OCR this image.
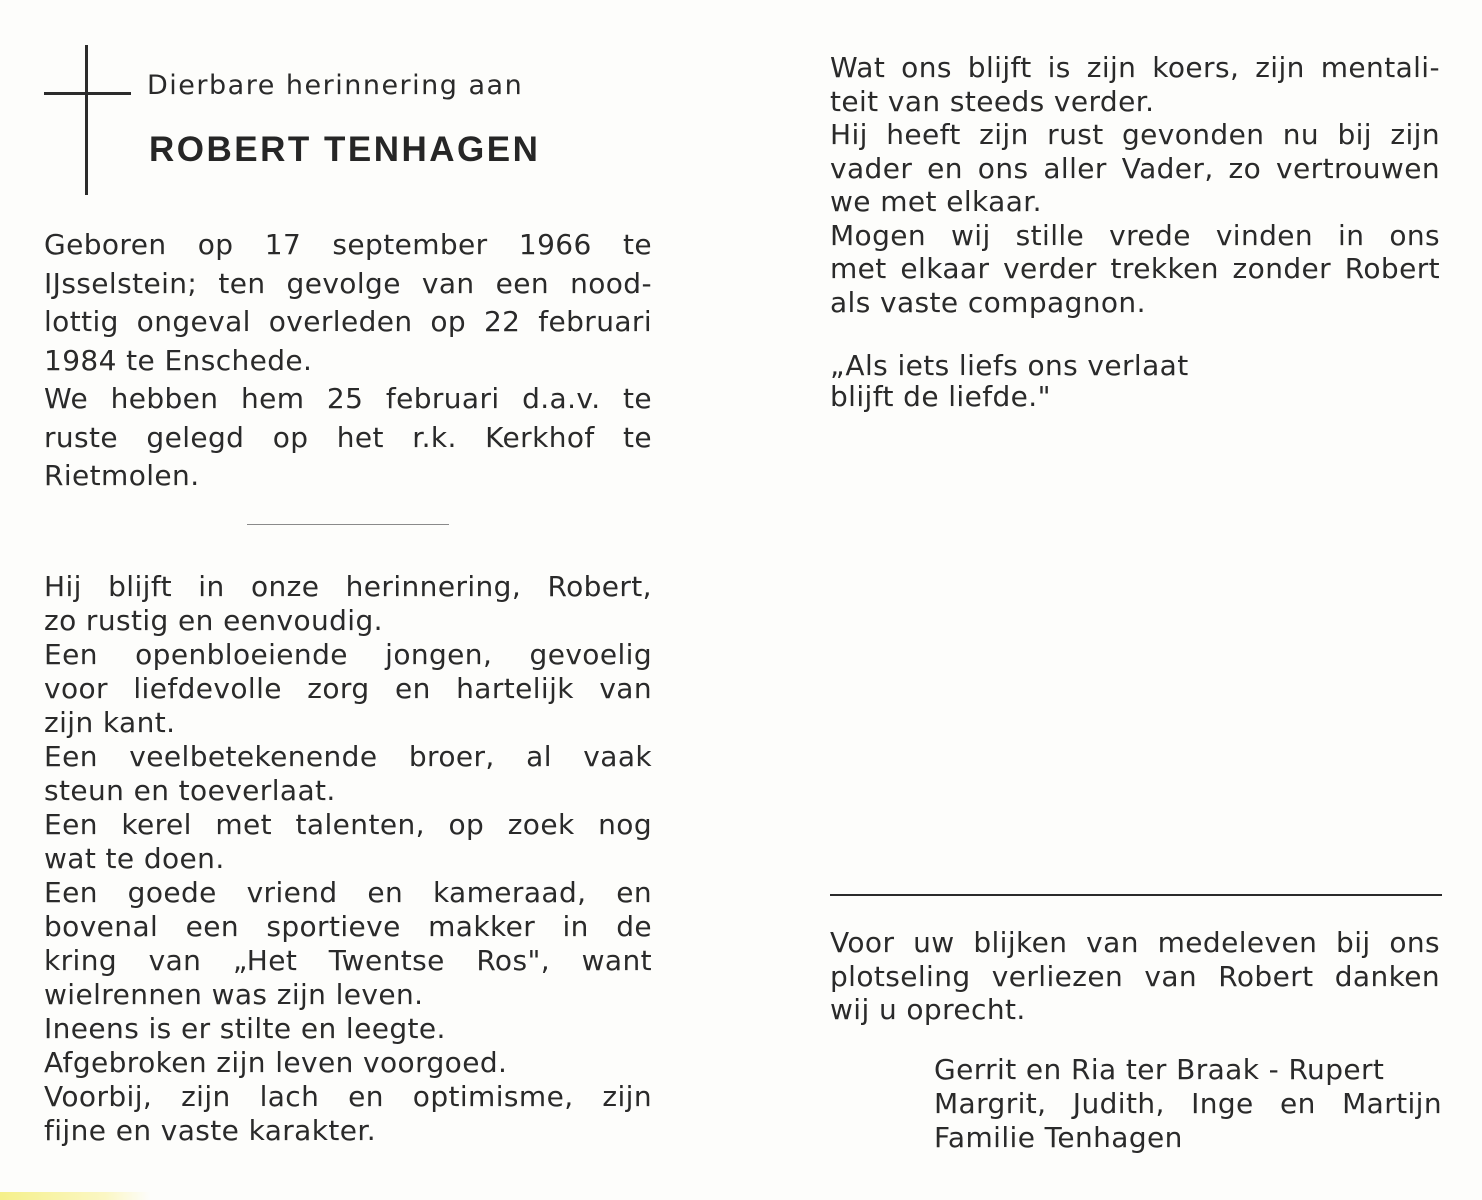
Dierbare herinnering aan
ROBERT TENHAGEN
Geboren op 17 september 1966 te
IJsselstein; ten gevolge van een nood-
lottig ongeval overleden op 22 februari
1984 te Enschede.
We hebben hem 25 februari d.a.v. te
ruste gelegd op het r.k. Kerkhof te
Rietmolen.
Hij blijft in onze herinnering, Robert,
zo rustig en eenvoudig.
Een openbloeiende jongen, gevoelig
voor liefdevolle zorg en hartelijk van
zijn kant.
Een veelbetekenende broer, al vaak
steun en toeverlaat.
Een kerel met talenten, op zoek nog
wat te doen.
Een goede vriend en kameraad, en
bovenal een sportieve makker in de
kring van „Het Twentse Ros", want
wielrennen was zijn leven.
Ineens is er stilte en leegte.
Afgebroken zijn leven voorgoed.
Voorbij, zijn lach en optimisme, zijn
fijne en vaste karakter.
Wat ons blijft is zijn koers, zijn mentali-
teit van steeds verder.
Hij heeft zijn rust gevonden nu bij zijn
vader en ons aller Vader, zo vertrouwen
we met elkaar.
Mogen wij stille vrede vinden in ons
met elkaar verder trekken zonder Robert
als vaste compagnon.
„Als iets liefs ons verlaat
blijft de liefde."
Voor uw blijken van medeleven bij ons
plotseling verliezen van Robert danken
wij u oprecht.
Gerrit en Ria ter Braak - Rupert
Margrit, Judith, Inge en Martijn
Familie Tenhagen
